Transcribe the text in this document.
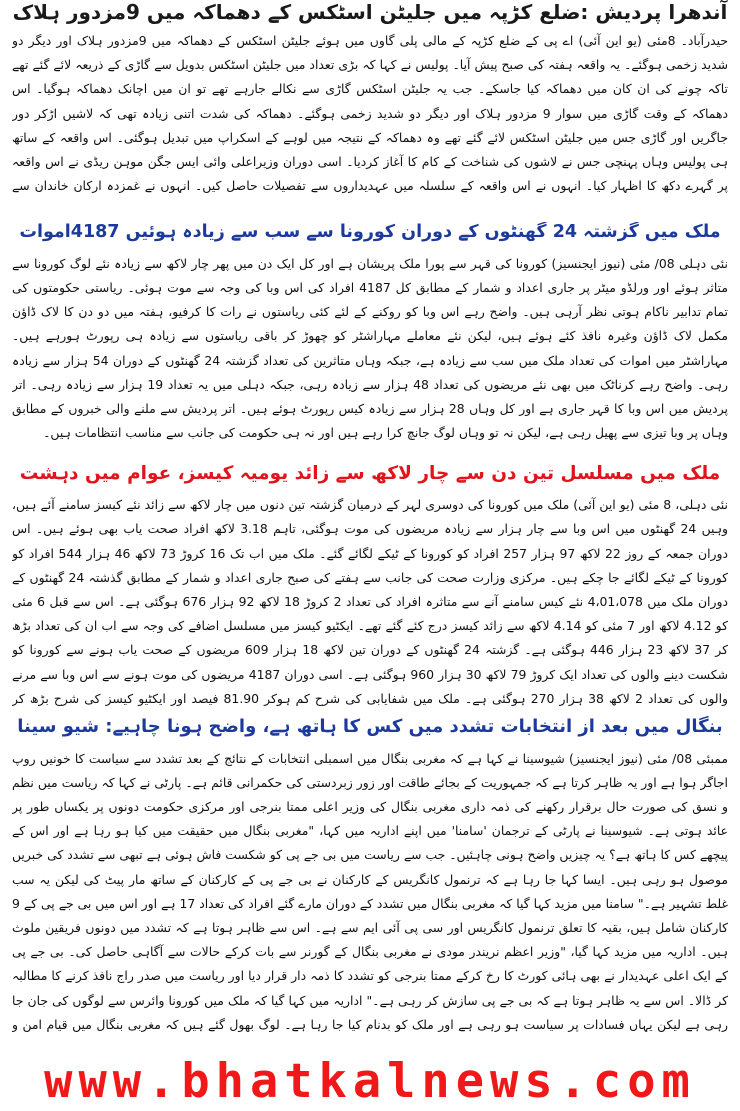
آندھرا پردیش :ضلع کڑپہ میں جلیٹن اسٹکس کے دھماکہ میں 9مزدور ہلاک

حیدرآباد۔ 8مئی (یو این آئی) اے پی کے ضلع کڑپہ کے مالی پلی گاوں میں ہوئے جلیٹن اسٹکس کے دھماکہ میں 9مزدور ہلاک اور دیگر دو شدید زخمی ہوگئے۔ یہ واقعہ ہفتہ کی صبح پیش آیا۔ پولیس نے کہا کہ بڑی تعداد میں جلیٹن اسٹکس بدویل سے گاڑی کے ذریعہ لائے گئے تھے تاکہ چونے کی ان کان میں دھماکہ کیا جاسکے۔ جب یہ جلیٹن اسٹکس گاڑی سے نکالے جارہے تھے تو ان میں اچانک دھماکہ ہوگیا۔ اس دھماکہ کے وقت گاڑی میں سوار 9 مزدور ہلاک اور دیگر دو شدید زخمی ہوگئے۔ دھماکہ کی شدت اتنی زیادہ تھی کہ لاشیں اڑکر دور جاگریں اور گاڑی جس میں جلیٹن اسٹکس لائے گئے تھے وہ دھماکہ کے نتیجہ میں لوہے کے اسکراپ میں تبدیل ہوگئی۔ اس واقعہ کے ساتھ ہی پولیس وہاں پہنچی جس نے لاشوں کی شناخت کے کام کا آغاز کردیا۔ اسی دوران وزیراعلی وائی ایس جگن موہن ریڈی نے اس واقعہ پر گہرے دکھ کا اظہار کیا۔ انہوں نے اس واقعہ کے سلسلہ میں عہدیداروں سے تفصیلات حاصل کیں۔ انہوں نے غمزدہ ارکان خاندان سے

ملک میں گزشتہ 24 گھنٹوں کے دوران کورونا سے سب سے زیادہ ہوئیں 4187اموات

نئی دہلی 08/ مئی (نیوز ایجنسیز) کورونا کی قہر سے پورا ملک پریشان ہے اور کل ایک دن میں پھر چار لاکھ سے زیادہ نئے لوگ کورونا سے متاثر ہوئے اور ورلڈو میٹر پر جاری اعداد و شمار کے مطابق کل 4187 افراد کی اس وبا کی وجہ سے موت ہوئی۔ ریاستی حکومتوں کی تمام تدابیر ناکام ہوتی نظر آرہی ہیں۔ واضح رہے اس وبا کو روکنے کے لئے کئی ریاستوں نے رات کا کرفیو، ہفتہ میں دو دن کا لاک ڈاؤن مکمل لاک ڈاؤن وغیرہ نافذ کئے ہوئے ہیں، لیکن نئے معاملے مہاراشٹر کو چھوڑ کر باقی ریاستوں سے زیادہ ہی رپورٹ ہورہے ہیں۔ مہاراشٹر میں اموات کی تعداد ملک میں سب سے زیادہ ہے، جبکہ وہاں متاثرین کی تعداد گزشتہ 24 گھنٹوں کے دوران 54 ہزار سے زیادہ رہی۔ واضح رہے کرناٹک میں بھی نئے مریضوں کی تعداد 48 ہزار سے زیادہ رہی، جبکہ دہلی میں یہ تعداد 19 ہزار سے زیادہ رہی۔ اتر پردیش میں اس وبا کا قہر جاری ہے اور کل وہاں 28 ہزار سے زیادہ کیس رپورٹ ہوئے ہیں۔ اتر پردیش سے ملنے والی خبروں کے مطابق وہاں پر وبا تیزی سے پھیل رہی ہے، لیکن نہ تو وہاں لوگ جانچ کرا رہے ہیں اور نہ ہی حکومت کی جانب سے مناسب انتظامات ہیں۔

ملک میں مسلسل تین دن سے چار لاکھ سے زائد یومیہ کیسز، عوام میں دہشت

نئی دہلی، 8 مئی (یو این آئی) ملک میں کورونا کی دوسری لہر کے درمیان گزشتہ تین دنوں میں چار لاکھ سے زائد نئے کیسز سامنے آئے ہیں، وہیں 24 گھنٹوں میں اس وبا سے چار ہزار سے زیادہ مریضوں کی موت ہوگئی، تاہم 3.18 لاکھ افراد صحت یاب بھی ہوئے ہیں۔ اس دوران جمعہ کے روز 22 لاکھ 97 ہزار 257 افراد کو کورونا کے ٹیکے لگائے گئے۔ ملک میں اب تک 16 کروڑ 73 لاکھ 46 ہزار 544 افراد کو کورونا کے ٹیکے لگائے جا چکے ہیں۔ مرکزی وزارت صحت کی جانب سے ہفتے کی صبح جاری اعداد و شمار کے مطابق گذشتہ 24 گھنٹوں کے دوران ملک میں 4،01،078 نئے کیس سامنے آنے سے متاثرہ افراد کی تعداد 2 کروڑ 18 لاکھ 92 ہزار 676 ہوگئی ہے۔ اس سے قبل 6 مئی کو 4.12 لاکھ اور 7 مئی کو 4.14 لاکھ سے زائد کیسز درج کئے گئے تھے۔ ایکٹیو کیسز میں مسلسل اضافے کی وجہ سے اب ان کی تعداد بڑھ کر 37 لاکھ 23 ہزار 446 ہوگئی ہے۔ گزشتہ 24 گھنٹوں کے دوران تین لاکھ 18 ہزار 609 مریضوں کے صحت یاب ہونے سے کورونا کو شکست دینے والوں کی تعداد ایک کروڑ 79 لاکھ 30 ہزار 960 ہوگئی ہے۔ اسی دوران 4187 مریضوں کی موت ہونے سے اس وبا سے مرنے والوں کی تعداد 2 لاکھ 38 ہزار 270 ہوگئی ہے۔ ملک میں شفایابی کی شرح کم ہوکر 81.90 فیصد اور ایکٹیو کیسز کی شرح بڑھ کر

بنگال میں بعد از انتخابات تشدد میں کس کا ہاتھ ہے، واضح ہونا چاہیے: شیو سینا

ممبئی 08/ مئی (نیوز ایجنسیز) شیوسینا نے کہا ہے کہ مغربی بنگال میں اسمبلی انتخابات کے نتائج کے بعد تشدد سے سیاست کا خونیں روپ اجاگر ہوا ہے اور یہ ظاہر کرتا ہے کہ جمہوریت کے بجائے طاقت اور زور زبردستی کی حکمرانی قائم ہے۔ پارٹی نے کہا کہ ریاست میں نظم و نسق کی صورت حال برقرار رکھنے کی ذمہ داری مغربی بنگال کی وزیر اعلی ممتا بنرجی اور مرکزی حکومت دونوں پر یکساں طور پر عائد ہوتی ہے۔ شیوسینا نے پارٹی کے ترجمان 'سامنا' میں اپنے اداریہ میں کہا، "مغربی بنگال میں حقیقت میں کیا ہو رہا ہے اور اس کے پیچھے کس کا ہاتھ ہے؟ یہ چیزیں واضح ہونی چاہئیں۔ جب سے ریاست میں بی جے پی کو شکست فاش ہوئی ہے تبھی سے تشدد کی خبریں موصول ہو رہی ہیں۔ ایسا کہا جا رہا ہے کہ ترنمول کانگریس کے کارکنان نے بی جے پی کے کارکنان کے ساتھ مار پیٹ کی لیکن یہ سب غلط تشہیر ہے۔" سامنا میں مزید کہا گیا کہ مغربی بنگال میں تشدد کے دوران مارے گئے افراد کی تعداد 17 ہے اور اس میں بی جے پی کے 9 کارکنان شامل ہیں، بقیہ کا تعلق ترنمول کانگریس اور سی پی آئی ایم سے ہے۔ اس سے ظاہر ہوتا ہے کہ تشدد میں دونوں فریقین ملوث ہیں۔ اداریہ میں مزید کہا گیا، "وزیر اعظم نریندر مودی نے مغربی بنگال کے گورنر سے بات کرکے حالات سے آگاہی حاصل کی۔ بی جے پی کے ایک اعلی عہدیدار نے بھی ہائی کورٹ کا رخ کرکے ممتا بنرجی کو تشدد کا ذمہ دار قرار دیا اور ریاست میں صدر راج نافذ کرنے کا مطالبہ کر ڈالا۔ اس سے یہ ظاہر ہوتا ہے کہ بی جے پی سازش کر رہی ہے۔" اداریہ میں کہا گیا کہ ملک میں کورونا وائرس سے لوگوں کی جان جا رہی ہے لیکن یہاں فسادات پر سیاست ہو رہی ہے اور ملک کو بدنام کیا جا رہا ہے۔ لوگ بھول گئے ہیں کہ مغربی بنگال میں قیام امن و

www.bhatkalnews.com
